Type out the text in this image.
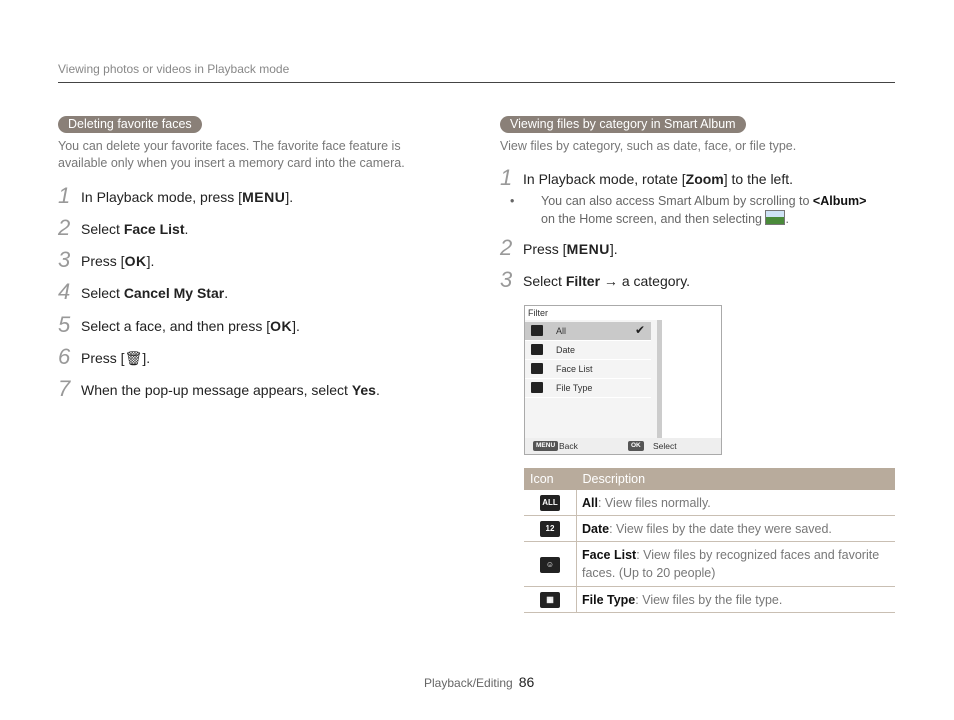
Viewing photos or videos in Playback mode
Deleting favorite faces
You can delete your favorite faces. The favorite face feature is available only when you insert a memory card into the camera.
1 In Playback mode, press [MENU].
2 Select Face List.
3 Press [OK].
4 Select Cancel My Star.
5 Select a face, and then press [OK].
6 Press [🗑].
7 When the pop-up message appears, select Yes.
Viewing files by category in Smart Album
View files by category, such as date, face, or file type.
1 In Playback mode, rotate [Zoom] to the left.
• You can also access Smart Album by scrolling to <Album>
on the Home screen, and then selecting .
2 Press [MENU].
3 Select Filter → a category.
Filter
All	✔
Date
Face List
File Type
MENU Back	OK	Select
Icon	Description
ALL	All: View files normally.
12	Date: View files by the date they were saved.
☺	Face List: View files by recognized faces and favorite faces. (Up to 20 people)
▦	File Type: View files by the file type.
Playback/Editing 86
